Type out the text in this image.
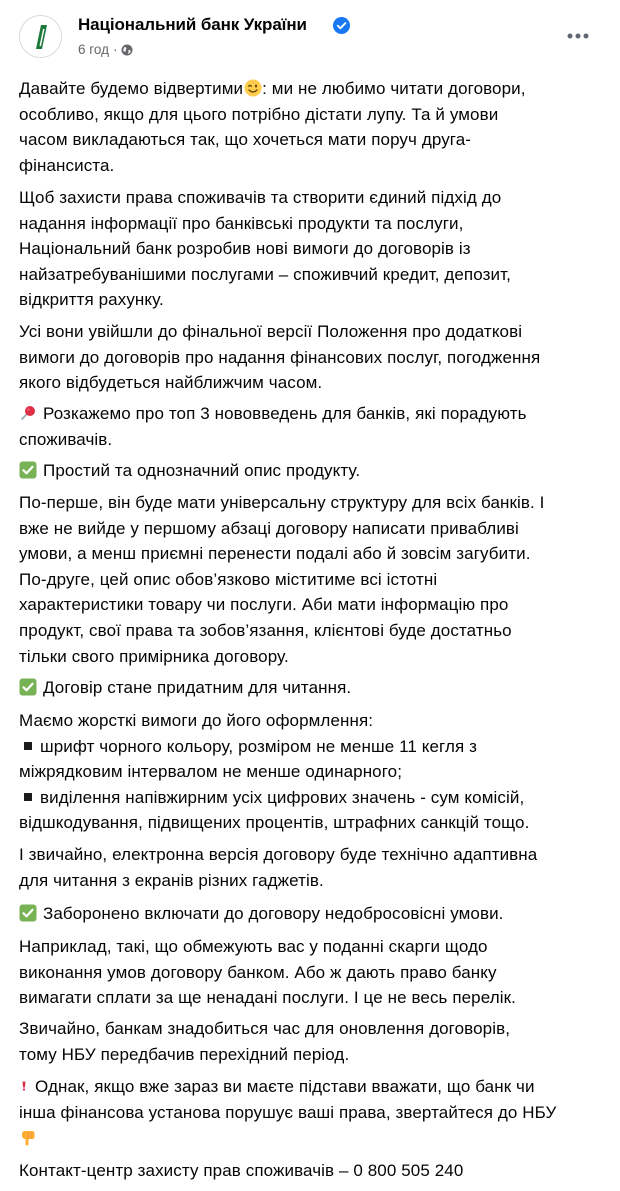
Національний банк України
6 год ·
Давайте будемо відвертими : ми не любимо читати договори,
особливо, якщо для цього потрібно дістати лупу. Та й умови
часом викладаються так, що хочеться мати поруч друга-
фінансиста.
Щоб захисти права споживачів та створити єдиний підхід до
надання інформації про банківські продукти та послуги,
Національний банк розробив нові вимоги до договорів із
найзатребуванішими послугами – споживчий кредит, депозит,
відкриття рахунку.
Усі вони увійшли до фінальної версії Положення про додаткові
вимоги до договорів про надання фінансових послуг, погодження
якого відбудеться найближчим часом.
Розкажемо про топ 3 нововведень для банків, які порадують
споживачів.
Простий та однозначний опис продукту.
По-перше, він буде мати універсальну структуру для всіх банків. І
вже не вийде у першому абзаці договору написати привабливі
умови, а менш приємні перенести подалі або й зовсім загубити.
По-друге, цей опис обов’язково міститиме всі істотні
характеристики товару чи послуги. Аби мати інформацію про
продукт, свої права та зобов’язання, клієнтові буде достатньо
тільки свого примірника договору.
Договір стане придатним для читання.
Маємо жорсткі вимоги до його оформлення:
шрифт чорного кольору, розміром не менше 11 кегля з
міжрядковим інтервалом не менше одинарного;
виділення напівжирним усіх цифрових значень - сум комісій,
відшкодування, підвищених процентів, штрафних санкцій тощо.
І звичайно, електронна версія договору буде технічно адаптивна
для читання з екранів різних гаджетів.
Заборонено включати до договору недобросовісні умови.
Наприклад, такі, що обмежують вас у поданні скарги щодо
виконання умов договору банком. Або ж дають право банку
вимагати сплати за ще ненадані послуги. І це не весь перелік.
Звичайно, банкам знадобиться час для оновлення договорів,
тому НБУ передбачив перехідний період.
Однак, якщо вже зараз ви маєте підстави вважати, що банк чи
інша фінансова установа порушує ваші права, звертайтеся до НБУ
Контакт-центр захисту прав споживачів – 0 800 505 240
